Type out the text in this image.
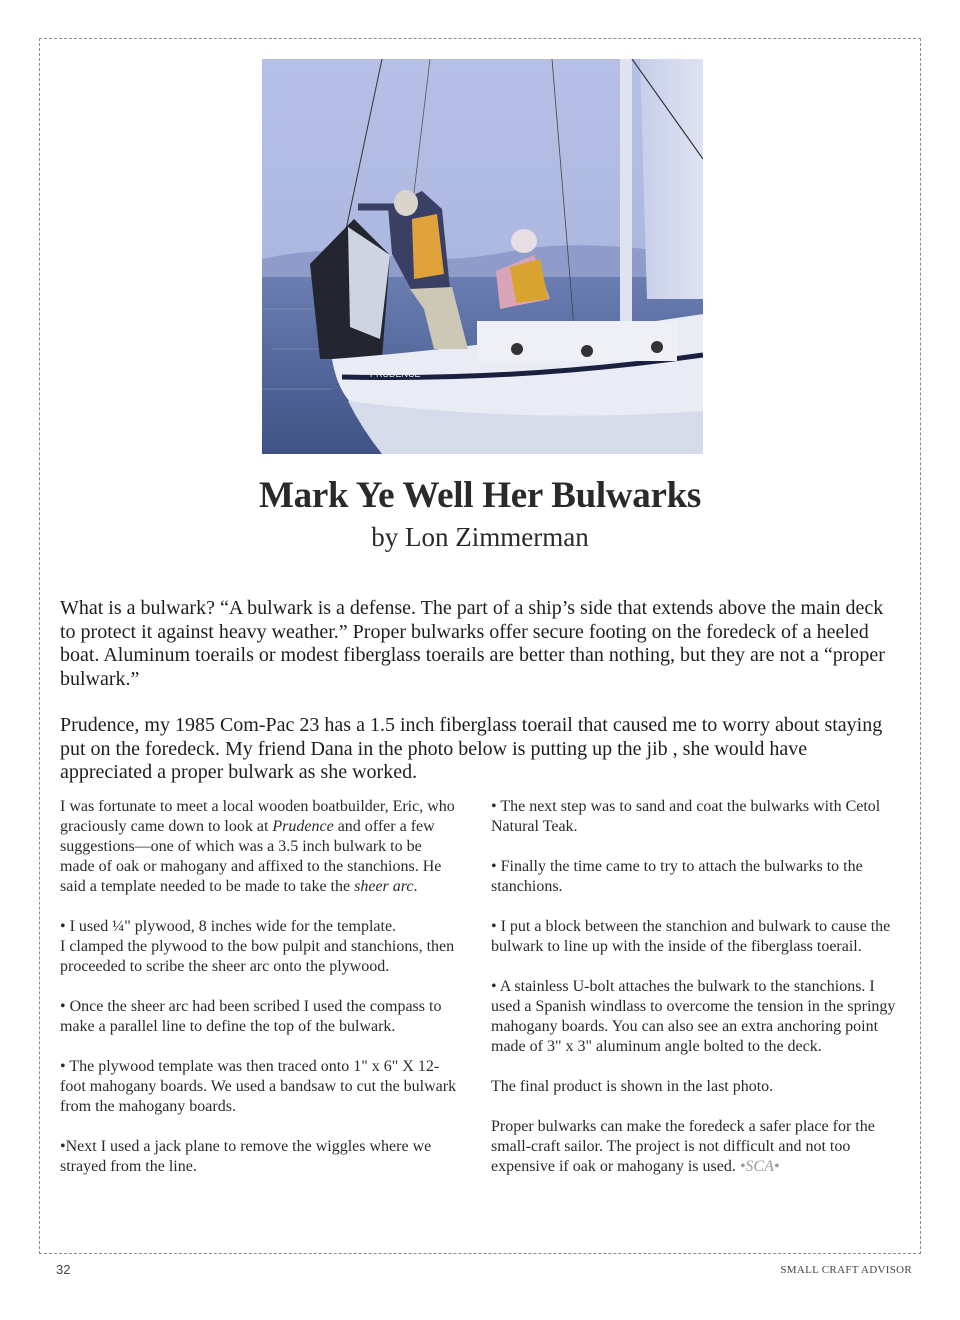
PRUDENCE
Mark Ye Well Her Bulwarks
by Lon Zimmerman

What is a bulwark? “A bulwark is a defense. The part of a ship’s side that extends above the main deck to protect it against heavy weather.” Proper bulwarks offer secure footing on the foredeck of a heeled boat. Aluminum toerails or modest fiberglass toerails are better than nothing, but they are not a “proper bulwark.”

Prudence, my 1985 Com-Pac 23 has a 1.5 inch fiberglass toerail that caused me to worry about staying put on the foredeck. My friend Dana in the photo below is putting up the jib , she would have appreciated a proper bulwark as she worked.

I was fortunate to meet a local wooden boatbuilder, Eric, who graciously came down to look at Prudence and offer a few suggestions—one of which was a 3.5 inch bulwark to be made of oak or mahogany and affixed to the stanchions. He said a template needed to be made to take the sheer arc.

• I used ¼" plywood, 8 inches wide for the template.

I clamped the plywood to the bow pulpit and stanchions, then proceeded to scribe the sheer arc onto the plywood.

• Once the sheer arc had been scribed I used the compass to make a parallel line to define the top of the bulwark.

• The plywood template was then traced onto 1" x 6" X 12-foot mahogany boards. We used a bandsaw to cut the bulwark from the mahogany boards.

•Next I used a jack plane to remove the wiggles where we strayed from the line.

• The next step was to sand and coat the bulwarks with Cetol Natural Teak.

• Finally the time came to try to attach the bulwarks to the stanchions.

• I put a block between the stanchion and bulwark to cause the bulwark to line up with the inside of the fiberglass toerail.

• A stainless U-bolt attaches the bulwark to the stanchions. I used a Spanish windlass to overcome the tension in the springy mahogany boards. You can also see an extra anchoring point made of 3" x 3" aluminum angle bolted to the deck.

The final product is shown in the last photo.

Proper bulwarks can make the foredeck a safer place for the small-craft sailor. The project is not difficult and not too expensive if oak or mahogany is used. •SCA•

32	SMALL CRAFT ADVISOR
